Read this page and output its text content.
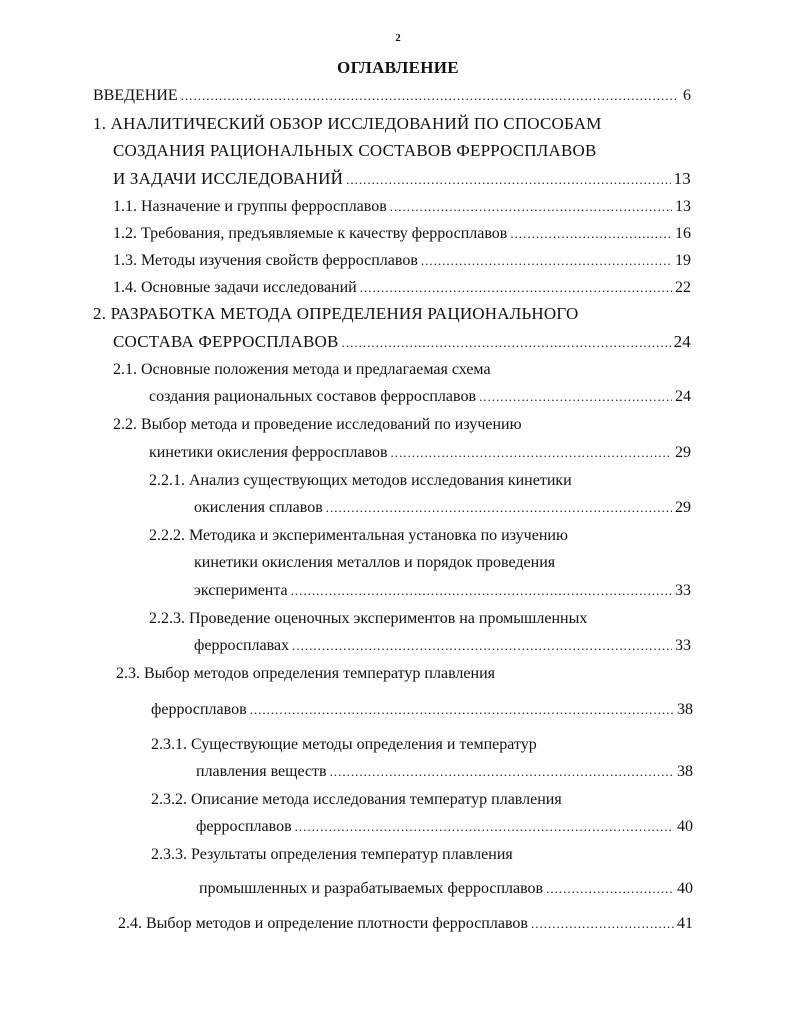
2
ОГЛАВЛЕНИЕ
ВВЕДЕНИЕ .....	6
1. АНАЛИТИЧЕСКИЙ ОБЗОР ИССЛЕДОВАНИЙ ПО СПОСОБАМ
СОЗДАНИЯ РАЦИОНАЛЬНЫХ СОСТАВОВ ФЕРРОСПЛАВОВ
И ЗАДАЧИ ИССЛЕДОВАНИЙ .....	13
1.1. Назначение и группы ферросплавов .....	13
1.2. Требования, предъявляемые к качеству ферросплавов .....	16
1.3. Методы изучения свойств ферросплавов .....	19
1.4. Основные задачи исследований .....	22
2. РАЗРАБОТКА МЕТОДА ОПРЕДЕЛЕНИЯ РАЦИОНАЛЬНОГО
СОСТАВА ФЕРРОСПЛАВОВ .....	24
2.1. Основные положения метода и предлагаемая схема
создания рациональных составов ферросплавов .....	24
2.2. Выбор метода и проведение исследований по изучению
кинетики окисления ферросплавов .....	29
2.2.1. Анализ существующих методов исследования кинетики
окисления сплавов .....	29
2.2.2. Методика и экспериментальная установка по изучению
кинетики окисления металлов и порядок проведения
эксперимента .....	33
2.2.3. Проведение оценочных экспериментов на промышленных
ферросплавах .....	33
2.3. Выбор методов определения температур плавления
ферросплавов .....	38
2.3.1. Существующие методы определения и температур
плавления веществ .....	38
2.3.2. Описание метода исследования температур плавления
ферросплавов .....	40
2.3.3. Результаты определения температур плавления
промышленных и разрабатываемых ферросплавов .....	40
2.4. Выбор методов и определение плотности ферросплавов .....	41
